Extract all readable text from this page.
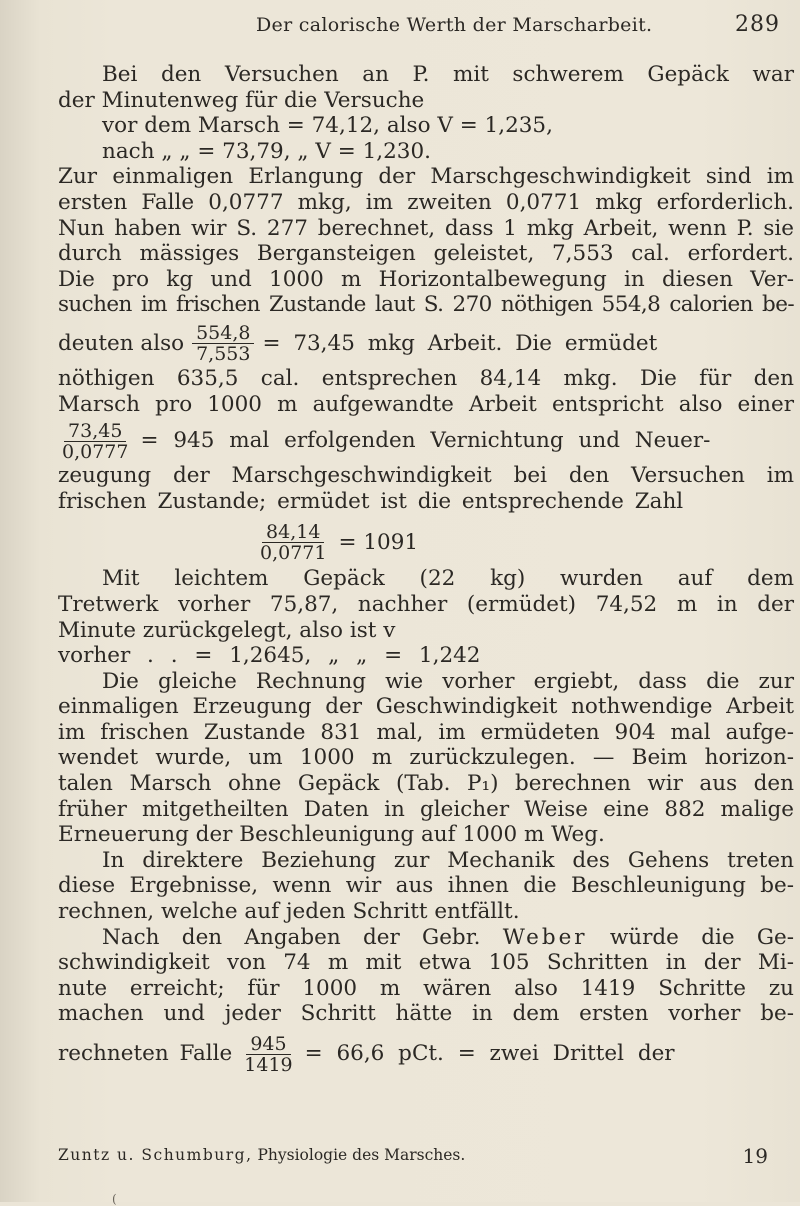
Der calorische Werth der Marscharbeit.	289
Bei den Versuchen an P. mit schwerem Gepäck war
der Minutenweg für die Versuche
vor dem Marsch = 74,12, also V = 1,235,
nach „ „ = 73,79, „ V = 1,230.
Zur einmaligen Erlangung der Marschgeschwindigkeit sind im
ersten Falle 0,0777 mkg, im zweiten 0,0771 mkg erforderlich.
Nun haben wir S. 277 berechnet, dass 1 mkg Arbeit, wenn P. sie
durch mässiges Bergansteigen geleistet, 7,553 cal. erfordert.
Die pro kg und 1000 m Horizontalbewegung in diesen Ver-
suchen im frischen Zustande laut S. 270 nöthigen 554,8 calorien be-
deuten also $\frac{554,8}{7,553} = 73,45$ mkg Arbeit. Die ermüdet
nöthigen 635,5 cal. entsprechen 84,14 mkg. Die für den
Marsch pro 1000 m aufgewandte Arbeit entspricht also einer
$\frac{73,45}{0,0777} = 945$ mal erfolgenden Vernichtung und Neuer-
zeugung der Marschgeschwindigkeit bei den Versuchen im
frischen Zustande; ermüdet ist die entsprechende Zahl
$\frac{84,14}{0,0771} = 1091$
Mit leichtem Gepäck (22 kg) wurden auf dem
Tretwerk vorher 75,87, nachher (ermüdet) 74,52 m in der
Minute zurückgelegt, also ist v
vorher . . = 1,2645, „ „ = 1,242
Die gleiche Rechnung wie vorher ergiebt, dass die zur
einmaligen Erzeugung der Geschwindigkeit nothwendige Arbeit
im frischen Zustande 831 mal, im ermüdeten 904 mal aufge-
wendet wurde, um 1000 m zurückzulegen. — Beim horizon-
talen Marsch ohne Gepäck (Tab. P₁) berechnen wir aus den
früher mitgetheilten Daten in gleicher Weise eine 882 malige
Erneuerung der Beschleunigung auf 1000 m Weg.
In direktere Beziehung zur Mechanik des Gehens treten
diese Ergebnisse, wenn wir aus ihnen die Beschleunigung be-
rechnen, welche auf jeden Schritt entfällt.
Nach den Angaben der Gebr. Weber würde die Ge-
schwindigkeit von 74 m mit etwa 105 Schritten in der Mi-
nute erreicht; für 1000 m wären also 1419 Schritte zu
machen und jeder Schritt hätte in dem ersten vorher be-
rechneten Falle $\frac{945}{1419} = 66,6$ pCt. = zwei Drittel der
Zuntz u. Schumburg, Physiologie des Marsches.	19
(
